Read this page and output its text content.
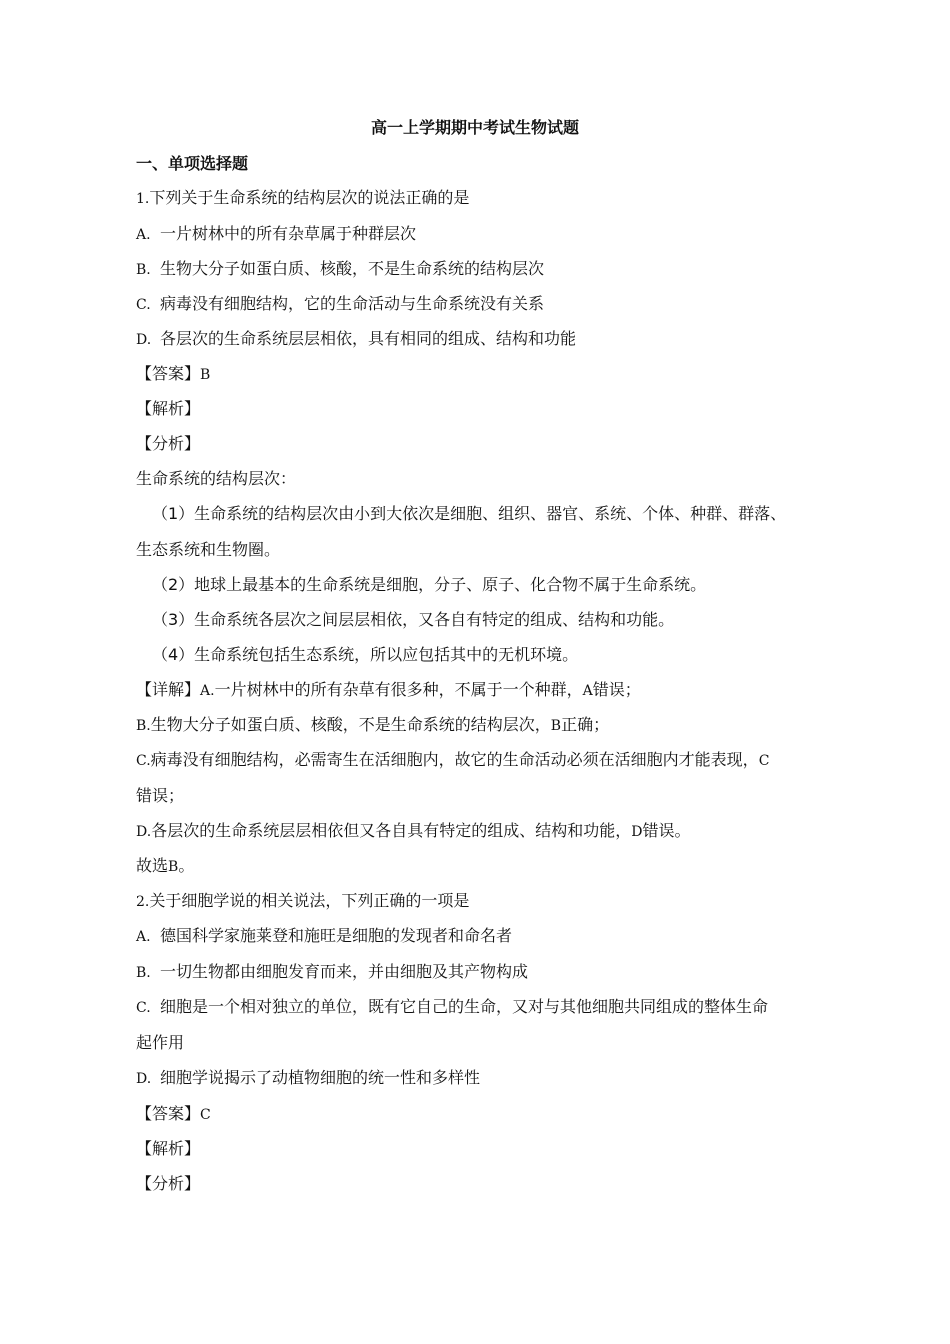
高一上学期期中考试生物试题
一、单项选择题
1.下列关于生命系统的结构层次的说法正确的是
A. 一片树林中的所有杂草属于种群层次
B. 生物大分子如蛋白质、核酸，不是生命系统的结构层次
C. 病毒没有细胞结构，它的生命活动与生命系统没有关系
D. 各层次的生命系统层层相依，具有相同的组成、结构和功能
【答案】B
【解析】
【分析】
生命系统的结构层次：
（1）生命系统的结构层次由小到大依次是细胞、组织、器官、系统、个体、种群、群落、
生态系统和生物圈。
（2）地球上最基本的生命系统是细胞，分子、原子、化合物不属于生命系统。
（3）生命系统各层次之间层层相依，又各自有特定的组成、结构和功能。
（4）生命系统包括生态系统，所以应包括其中的无机环境。
【详解】A.一片树林中的所有杂草有很多种，不属于一个种群，A错误；
B.生物大分子如蛋白质、核酸，不是生命系统的结构层次，B正确；
C.病毒没有细胞结构，必需寄生在活细胞内，故它的生命活动必须在活细胞内才能表现，C
错误；
D.各层次的生命系统层层相依但又各自具有特定的组成、结构和功能，D错误。
故选B。
2.关于细胞学说的相关说法，下列正确的一项是
A. 德国科学家施莱登和施旺是细胞的发现者和命名者
B. 一切生物都由细胞发育而来，并由细胞及其产物构成
C. 细胞是一个相对独立的单位，既有它自己的生命，又对与其他细胞共同组成的整体生命
起作用
D. 细胞学说揭示了动植物细胞的统一性和多样性
【答案】C
【解析】
【分析】
